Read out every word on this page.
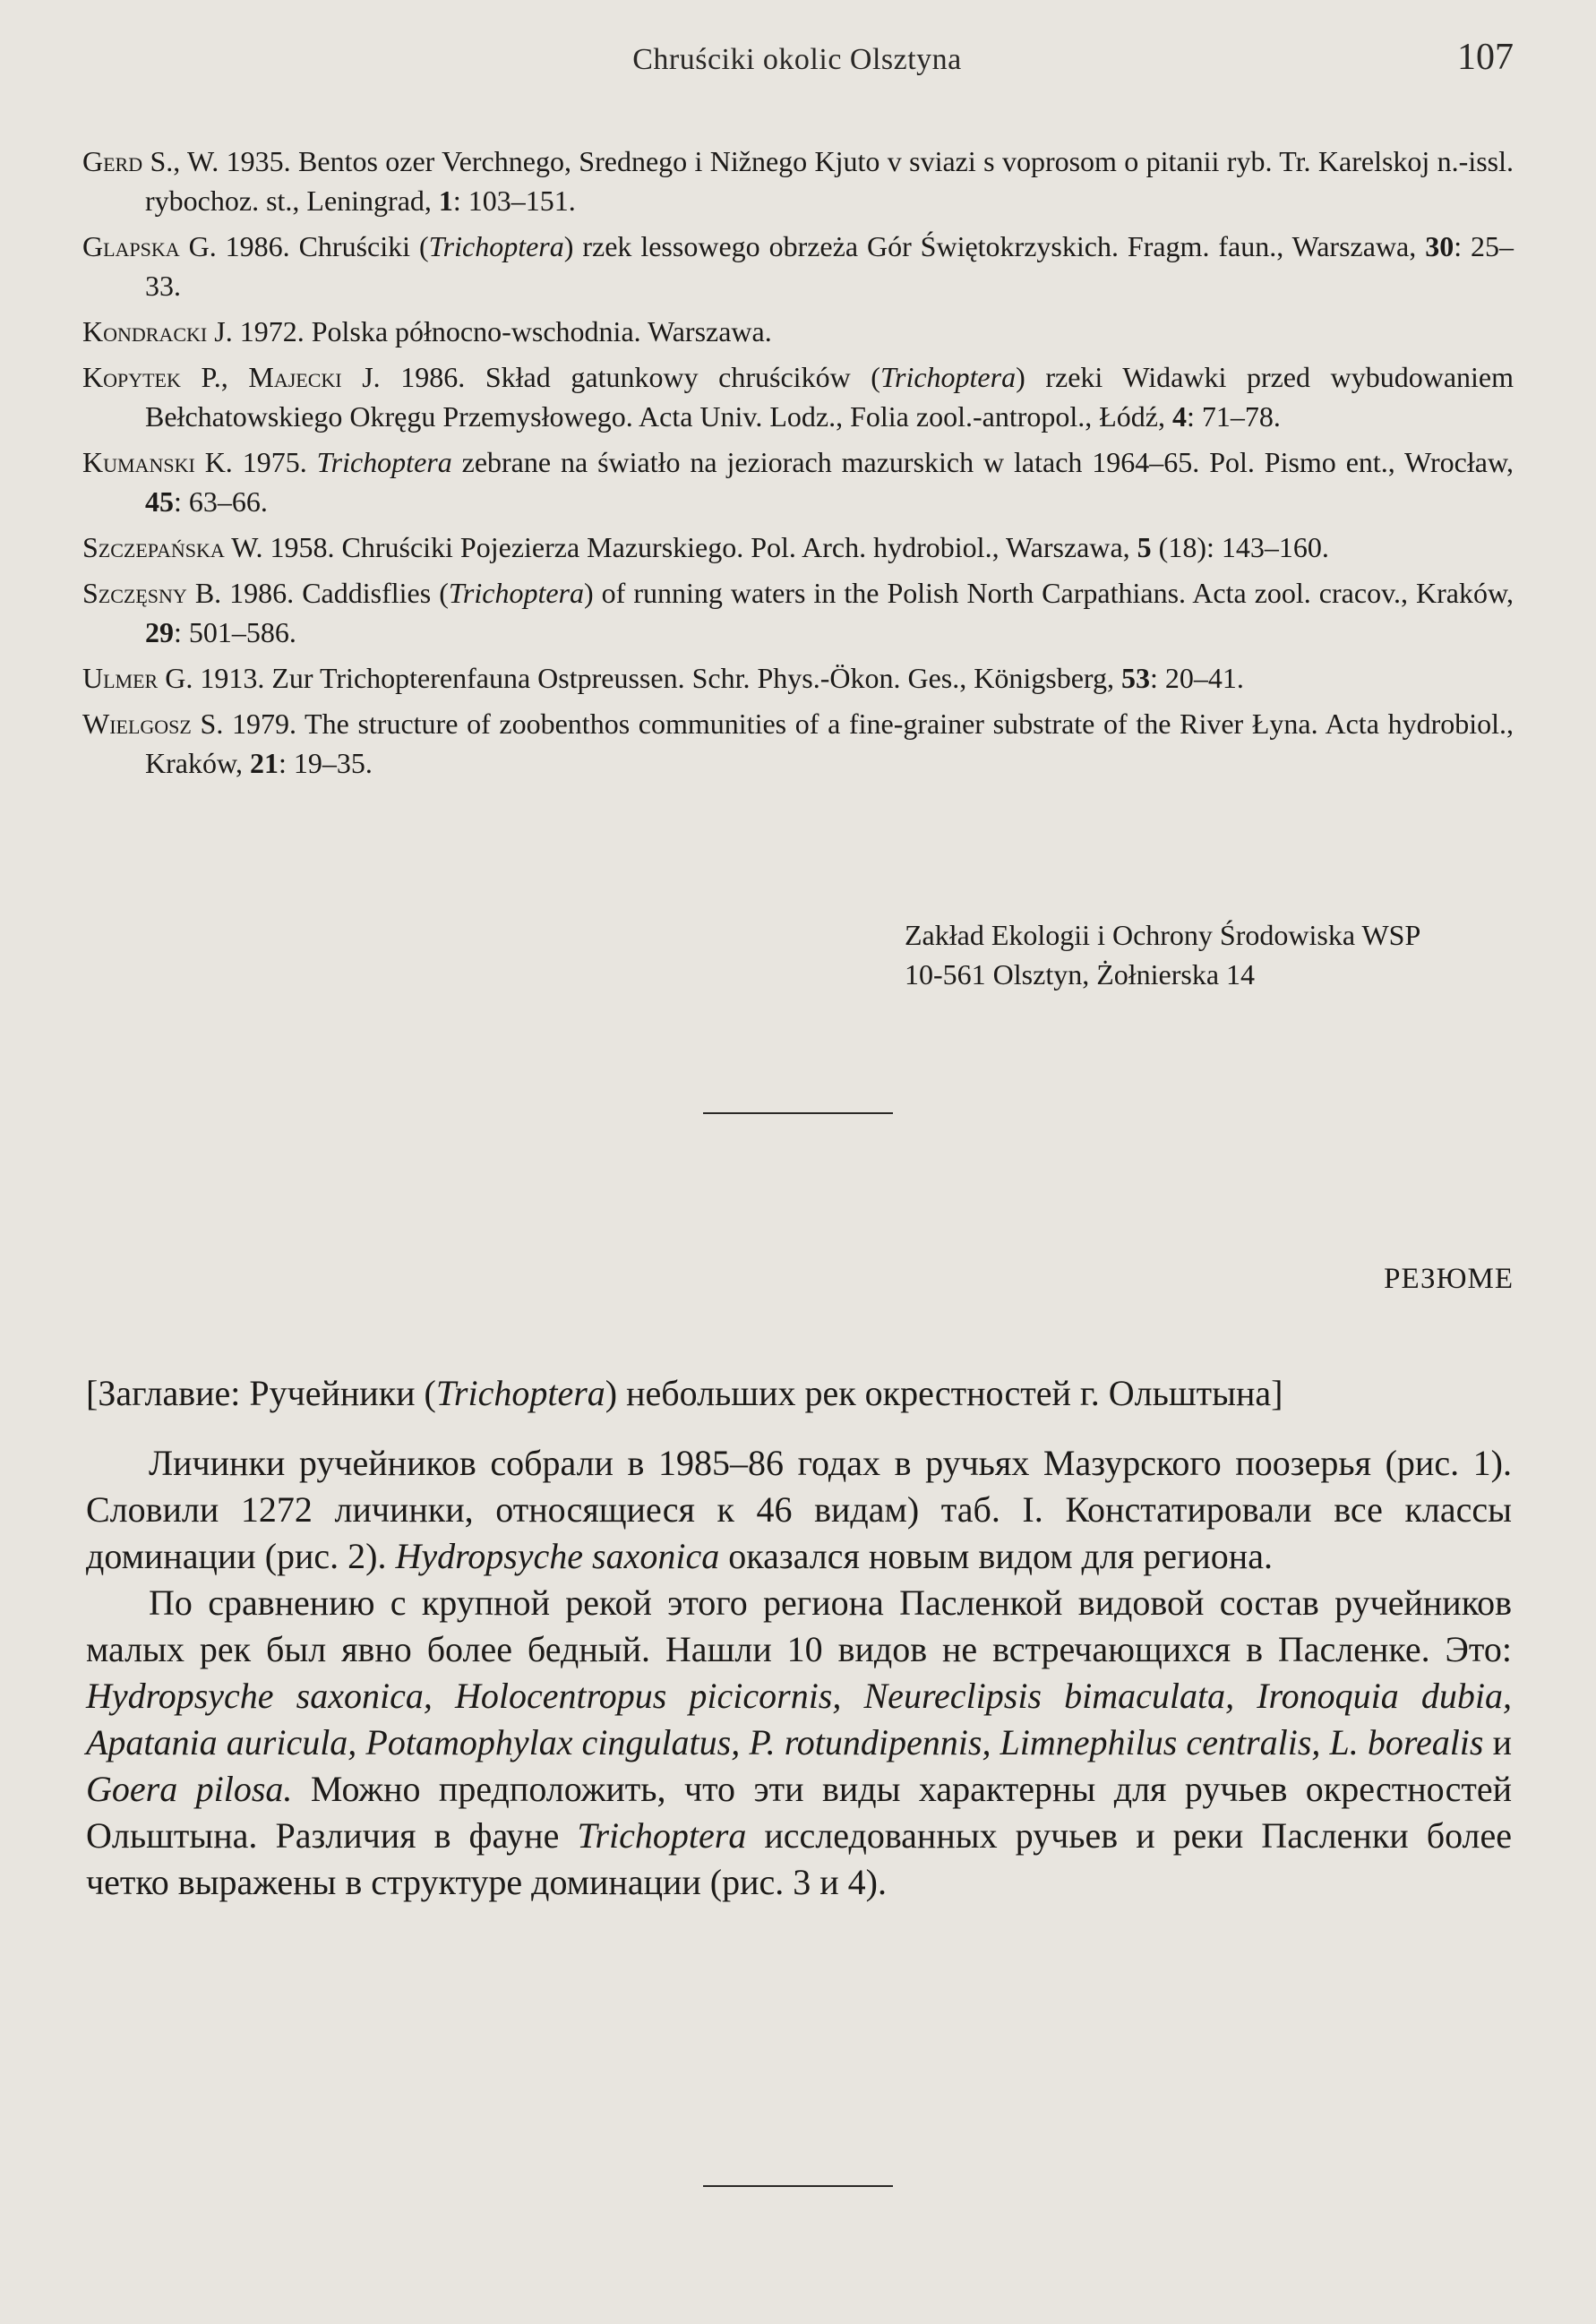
Chruściki okolic Olsztyna	107
Gerd S., W. 1935. Bentos ozer Verchnego, Srednego i Nižnego Kjuto v sviazi s voprosom o pitanii ryb. Tr. Karelskoj n.-issl. rybochoz. st., Leningrad, 1: 103–151.
Glapska G. 1986. Chruściki (Trichoptera) rzek lessowego obrzeża Gór Świętokrzyskich. Fragm. faun., Warszawa, 30: 25–33.
Kondracki J. 1972. Polska północno-wschodnia. Warszawa.
Kopytek P., Majecki J. 1986. Skład gatunkowy chruścików (Trichoptera) rzeki Widawki przed wybudowaniem Bełchatowskiego Okręgu Przemysłowego. Acta Univ. Lodz., Folia zool.-antropol., Łódź, 4: 71–78.
Kumanski K. 1975. Trichoptera zebrane na światło na jeziorach mazurskich w latach 1964–65. Pol. Pismo ent., Wrocław, 45: 63–66.
Szczepańska W. 1958. Chruściki Pojezierza Mazurskiego. Pol. Arch. hydrobiol., Warszawa, 5 (18): 143–160.
Szczęsny B. 1986. Caddisflies (Trichoptera) of running waters in the Polish North Carpathians. Acta zool. cracov., Kraków, 29: 501–586.
Ulmer G. 1913. Zur Trichopterenfauna Ostpreussen. Schr. Phys.-Ökon. Ges., Königsberg, 53: 20–41.
Wielgosz S. 1979. The structure of zoobenthos communities of a fine-grainer substrate of the River Łyna. Acta hydrobiol., Kraków, 21: 19–35.
Zakład Ekologii i Ochrony Środowiska WSP
10-561 Olsztyn, Żołnierska 14
РЕЗЮМЕ

[Заглавие: Ручейники (Trichoptera) небольших рек окрестностей г. Ольштына]

Личинки ручейников собрали в 1985–86 годах в ручьях Мазурского поозерья (рис. 1). Словили 1272 личинки, относящиеся к 46 видам) таб. I. Констатировали все классы доминации (рис. 2). Hydropsyche saxonica оказался новым видом для региона.

По сравнению с крупной рекой этого региона Пасленкой видовой состав ручейников малых рек был явно более бедный. Нашли 10 видов не встречающихся в Пасленке. Это: Hydropsyche saxonica, Holocentropus picicornis, Neureclipsis bimaculata, Ironoquia dubia, Apatania auricula, Potamophylax cingulatus, P. rotundipennis, Limnephilus centralis, L. borealis и Goera pilosa. Можно предположить, что эти виды характерны для ручьев окрестностей Ольштына. Различия в фауне Trichoptera исследованных ручьев и реки Пасленки более четко выражены в структуре доминации (рис. 3 и 4).
